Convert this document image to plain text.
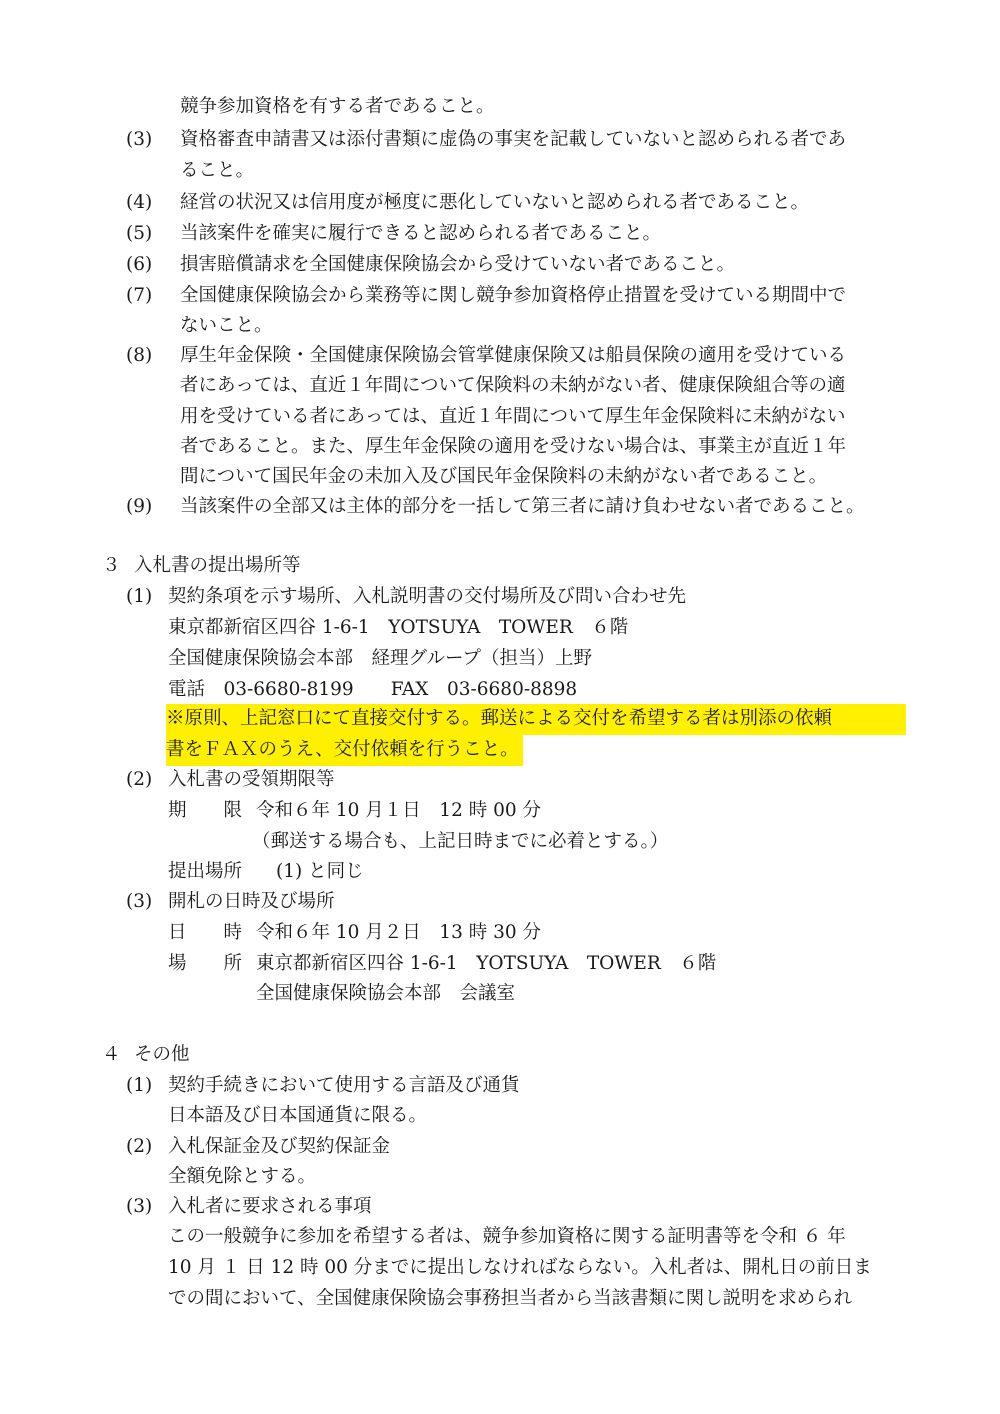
競争参加資格を有する者であること。
(3) 資格審査申請書又は添付書類に虚偽の事実を記載していないと認められる者であ
ること。
(4) 経営の状況又は信用度が極度に悪化していないと認められる者であること。
(5) 当該案件を確実に履行できると認められる者であること。
(6) 損害賠償請求を全国健康保険協会から受けていない者であること。
(7) 全国健康保険協会から業務等に関し競争参加資格停止措置を受けている期間中で
ないこと。
(8) 厚生年金保険・全国健康保険協会管掌健康保険又は船員保険の適用を受けている
者にあっては、直近１年間について保険料の未納がない者、健康保険組合等の適
用を受けている者にあっては、直近１年間について厚生年金保険料に未納がない
者であること。また、厚生年金保険の適用を受けない場合は、事業主が直近１年
間について国民年金の未加入及び国民年金保険料の未納がない者であること。
(9) 当該案件の全部又は主体的部分を一括して第三者に請け負わせない者であること。
３ 入札書の提出場所等
(1) 契約条項を示す場所、入札説明書の交付場所及び問い合わせ先
東京都新宿区四谷 1-6-1　YOTSUYA　TOWER　６階
全国健康保険協会本部　経理グループ（担当）上野
電話　03-6680-8199　　FAX　03-6680-8898
※原則、上記窓口にて直接交付する。郵送による交付を希望する者は別添の依頼
書をＦＡＸのうえ、交付依頼を行うこと。
(2) 入札書の受領期限等
期　　限 令和６年 10 月１日　12 時 00 分
（郵送する場合も、上記日時までに必着とする。）
提出場所 (1) と同じ
(3) 開札の日時及び場所
日　　時 令和６年 10 月２日　13 時 30 分
場　　所 東京都新宿区四谷 1-6-1　YOTSUYA　TOWER　６階
全国健康保険協会本部　会議室
４ その他
(1) 契約手続きにおいて使用する言語及び通貨
日本語及び日本国通貨に限る。
(2) 入札保証金及び契約保証金
全額免除とする。
(3) 入札者に要求される事項
この一般競争に参加を希望する者は、競争参加資格に関する証明書等を令和 ６ 年
10 月 １ 日 12 時 00 分までに提出しなければならない。入札者は、開札日の前日ま
での間において、全国健康保険協会事務担当者から当該書類に関し説明を求められ
